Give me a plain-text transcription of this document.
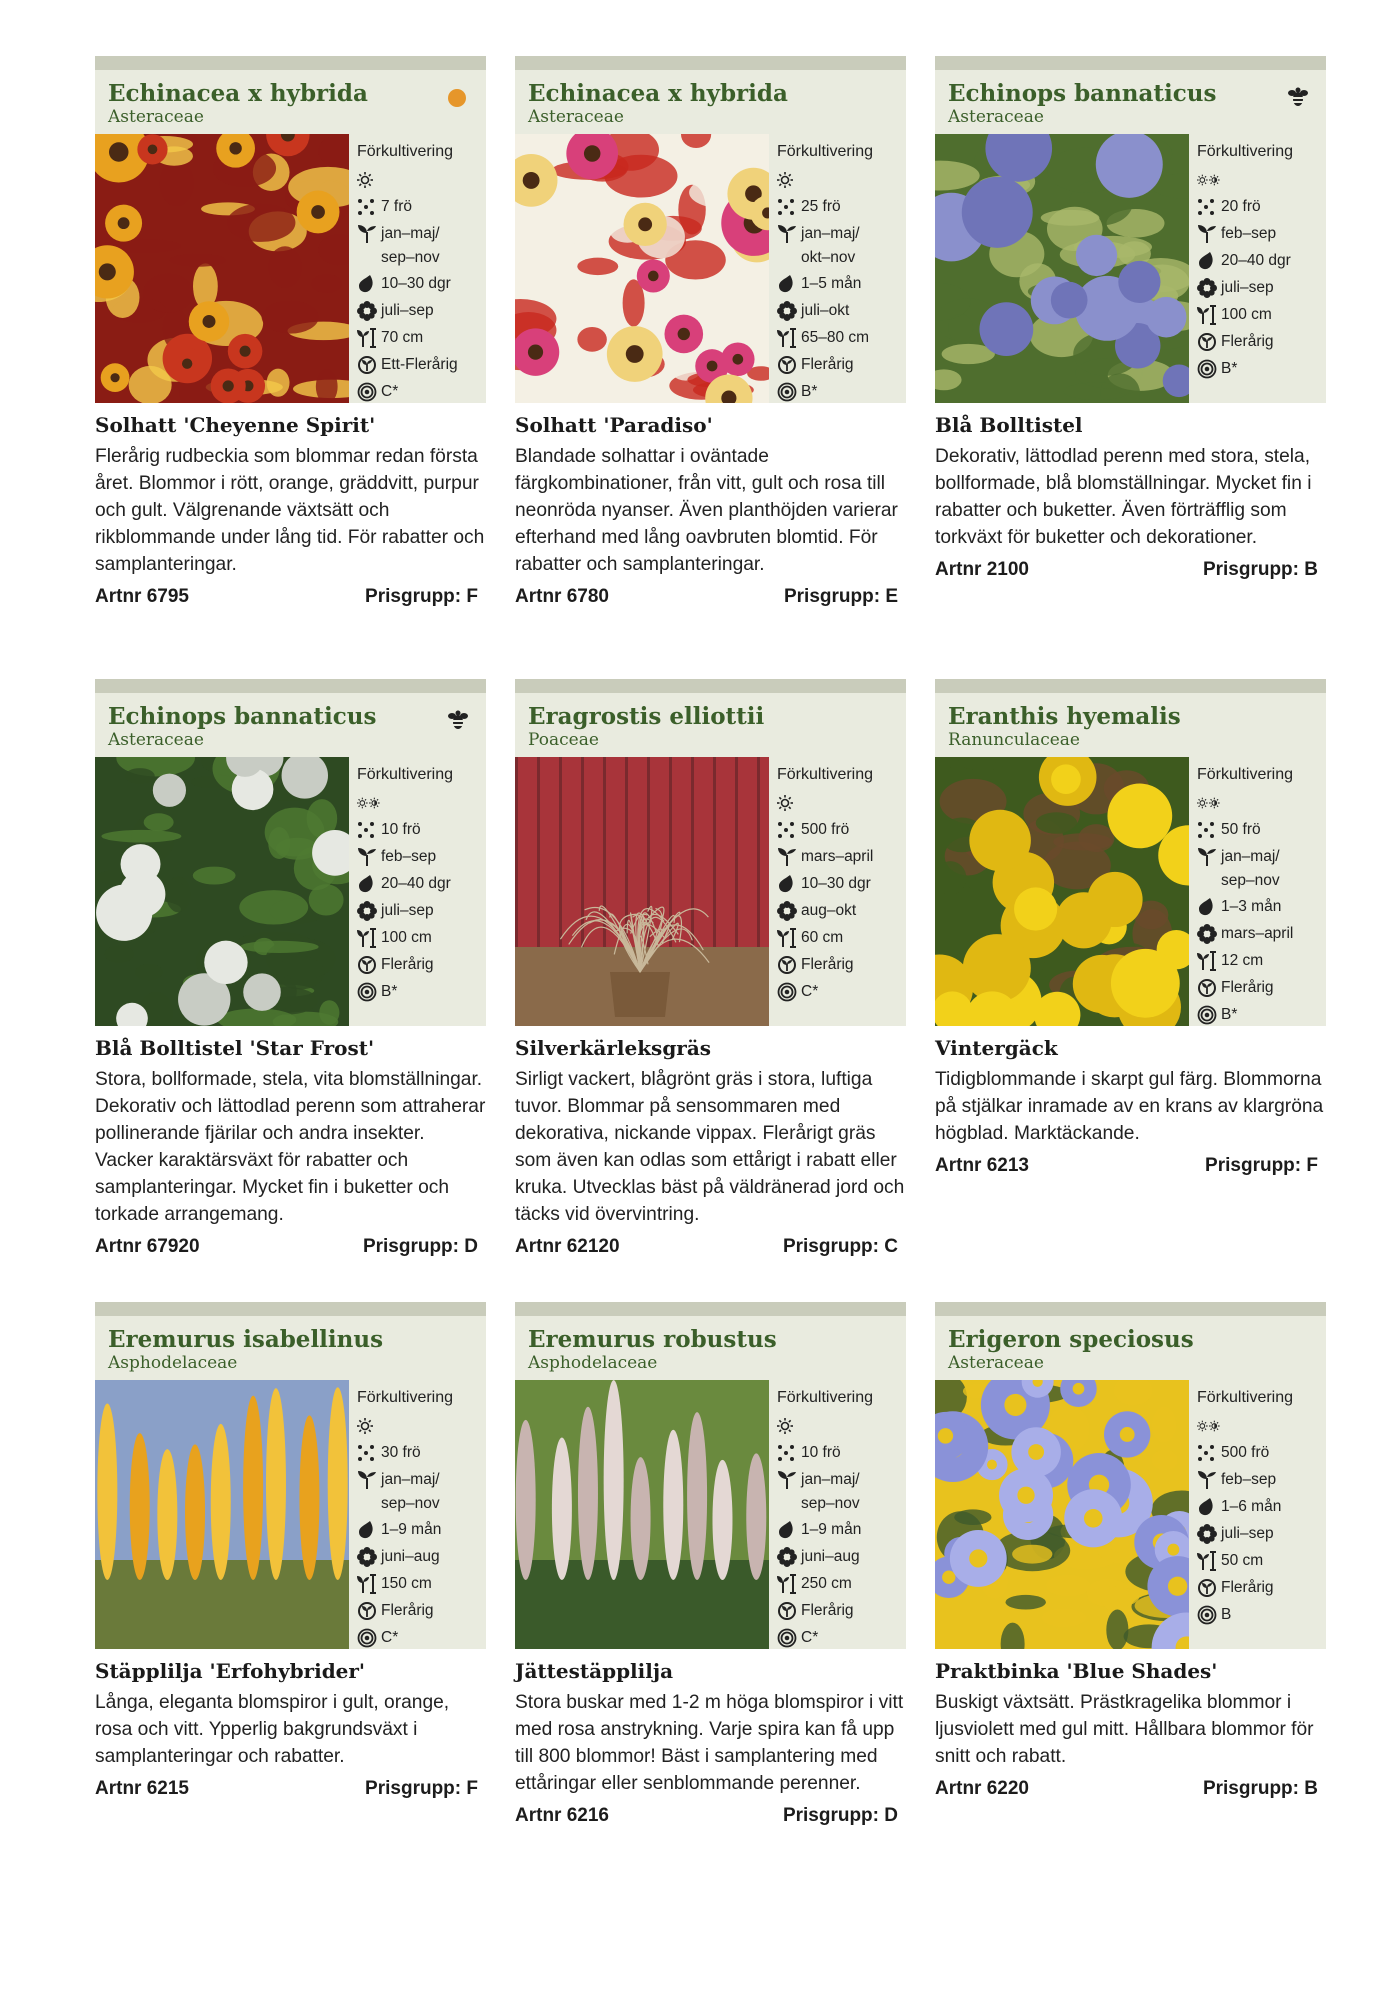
Echinacea x hybrida
Asteraceae
Förkultivering
7 frö
jan–maj/
sep–nov
10–30 dgr
juli–sep
70 cm
Ett-Flerårig
C*
Solhatt 'Cheyenne Spirit'
Flerårig rudbeckia som blommar redan första året. Blommor i rött, orange, gräddvitt, purpur och gult. Välgrenande växtsätt och rikblommande under lång tid. För rabatter och samplanteringar.
Artnr 6795	Prisgrupp: F
Echinacea x hybrida
Asteraceae
Förkultivering
25 frö
jan–maj/
okt–nov
1–5 mån
juli–okt
65–80 cm
Flerårig
B*
Solhatt 'Paradiso'
Blandade solhattar i oväntade färgkombinationer, från vitt, gult och rosa till neonröda nyanser. Även planthöjden varierar efterhand med lång oavbruten blomtid. För rabatter och samplanteringar.
Artnr 6780	Prisgrupp: E
Echinops bannaticus
Asteraceae
Förkultivering
20 frö
feb–sep
20–40 dgr
juli–sep
100 cm
Flerårig
B*
Blå Bolltistel
Dekorativ, lättodlad perenn med stora, stela, bollformade, blå blomställningar. Mycket fin i rabatter och buketter. Även förträfflig som torkväxt för buketter och dekorationer.
Artnr 2100	Prisgrupp: B
Echinops bannaticus
Asteraceae
Förkultivering
10 frö
feb–sep
20–40 dgr
juli–sep
100 cm
Flerårig
B*
Blå Bolltistel 'Star Frost'
Stora, bollformade, stela, vita blomställningar. Dekorativ och lättodlad perenn som attraherar pollinerande fjärilar och andra insekter. Vacker karaktärsväxt för rabatter och samplanteringar. Mycket fin i buketter och torkade arrangemang.
Artnr 67920	Prisgrupp: D
Eragrostis elliottii
Poaceae
Förkultivering
500 frö
mars–april
10–30 dgr
aug–okt
60 cm
Flerårig
C*
Silverkärleksgräs
Sirligt vackert, blågrönt gräs i stora, luftiga tuvor. Blommar på sensommaren med dekorativa, nickande vippax. Flerårigt gräs som även kan odlas som ettårigt i rabatt eller kruka. Utvecklas bäst på väldränerad jord och täcks vid övervintring.
Artnr 62120	Prisgrupp: C
Eranthis hyemalis
Ranunculaceae
Förkultivering
50 frö
jan–maj/
sep–nov
1–3 mån
mars–april
12 cm
Flerårig
B*
Vintergäck
Tidigblommande i skarpt gul färg. Blommorna på stjälkar inramade av en krans av klargröna högblad. Marktäckande.
Artnr 6213	Prisgrupp: F
Eremurus isabellinus
Asphodelaceae
Förkultivering
30 frö
jan–maj/
sep–nov
1–9 mån
juni–aug
150 cm
Flerårig
C*
Stäpplilja 'Erfohybrider'
Långa, eleganta blomspiror i gult, orange, rosa och vitt. Ypperlig bakgrundsväxt i samplanteringar och rabatter.
Artnr 6215	Prisgrupp: F
Eremurus robustus
Asphodelaceae
Förkultivering
10 frö
jan–maj/
sep–nov
1–9 mån
juni–aug
250 cm
Flerårig
C*
Jättestäpplilja
Stora buskar med 1-2 m höga blomspiror i vitt med rosa anstrykning. Varje spira kan få upp till 800 blommor! Bäst i samplantering med ettåringar eller senblommande perenner.
Artnr 6216	Prisgrupp: D
Erigeron speciosus
Asteraceae
Förkultivering
500 frö
feb–sep
1–6 mån
juli–sep
50 cm
Flerårig
B
Praktbinka 'Blue Shades'
Buskigt växtsätt. Prästkragelika blommor i ljusviolett med gul mitt. Hållbara blommor för snitt och rabatt.
Artnr 6220	Prisgrupp: B
